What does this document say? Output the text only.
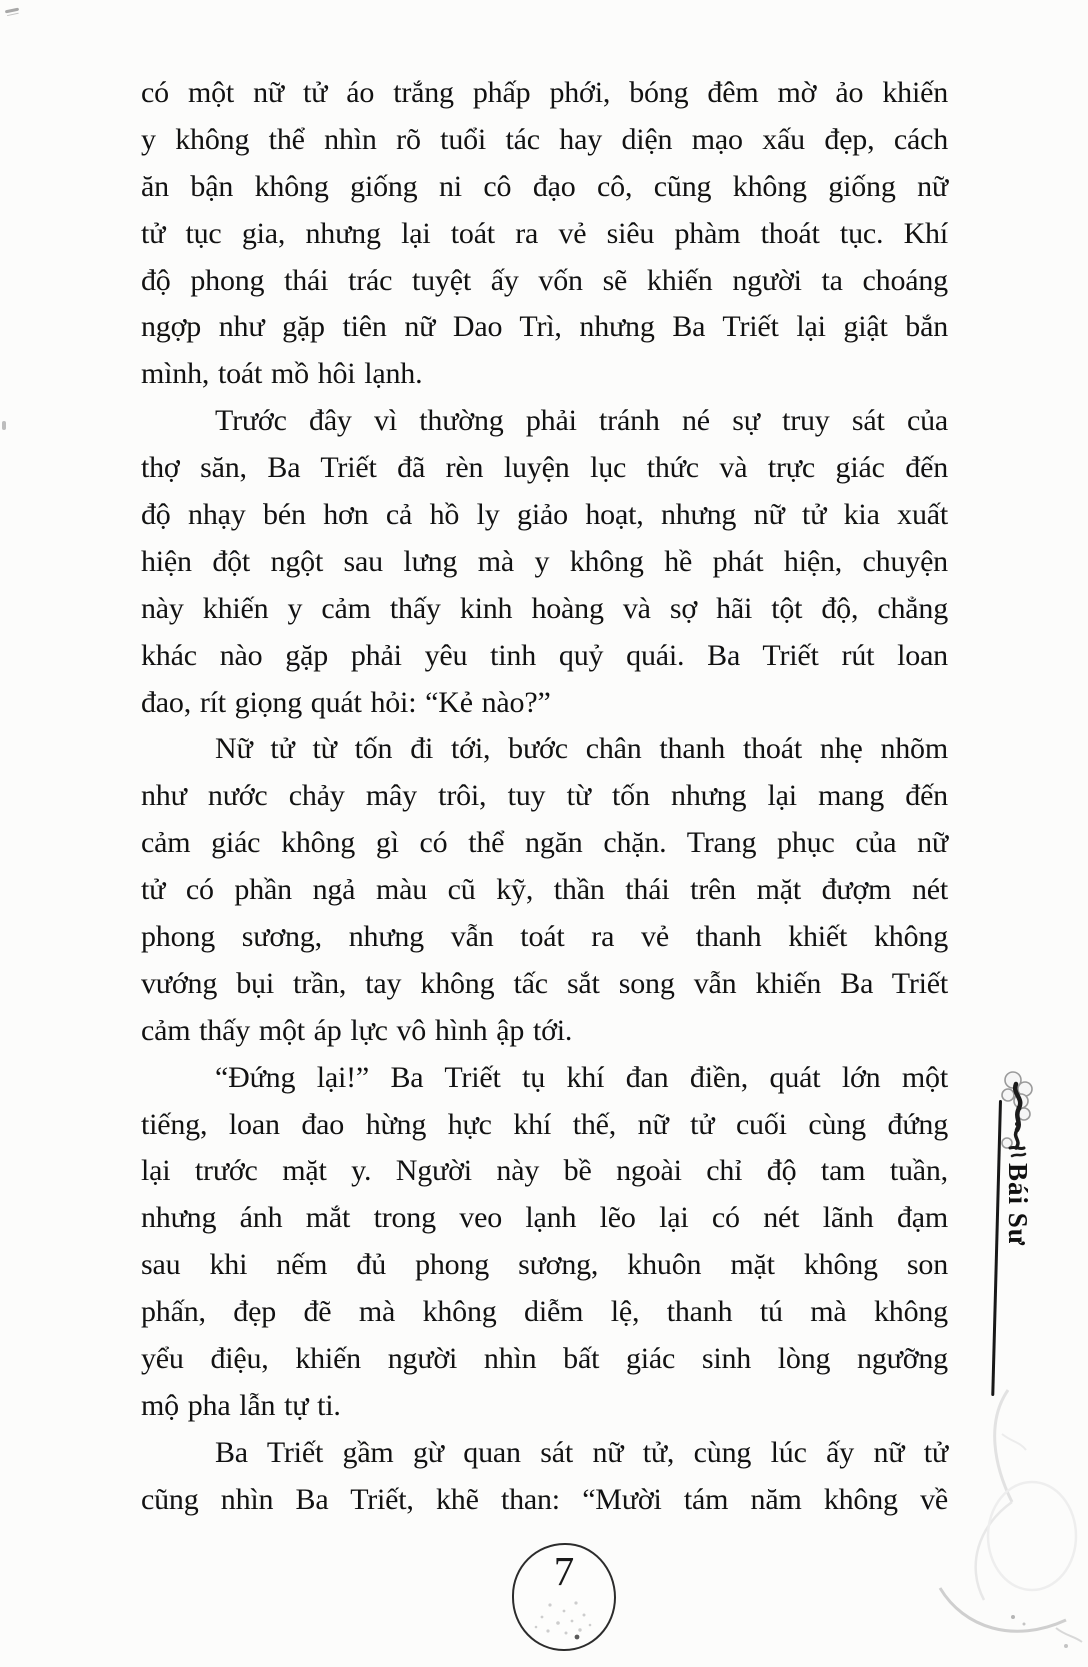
có một nữ tử áo trắng phấp phới, bóng đêm mờ ảo khiến
y không thể nhìn rõ tuổi tác hay diện mạo xấu đẹp, cách
ăn bận không giống ni cô đạo cô, cũng không giống nữ
tử tục gia, nhưng lại toát ra vẻ siêu phàm thoát tục. Khí
độ phong thái trác tuyệt ấy vốn sẽ khiến người ta choáng
ngợp như gặp tiên nữ Dao Trì, nhưng Ba Triết lại giật bắn
mình, toát mồ hôi lạnh.
Trước đây vì thường phải tránh né sự truy sát của
thợ săn, Ba Triết đã rèn luyện lục thức và trực giác đến
độ nhạy bén hơn cả hồ ly giảo hoạt, nhưng nữ tử kia xuất
hiện đột ngột sau lưng mà y không hề phát hiện, chuyện
này khiến y cảm thấy kinh hoàng và sợ hãi tột độ, chẳng
khác nào gặp phải yêu tinh quỷ quái. Ba Triết rút loan
đao, rít giọng quát hỏi: “Kẻ nào?”
Nữ tử từ tốn đi tới, bước chân thanh thoát nhẹ nhõm
như nước chảy mây trôi, tuy từ tốn nhưng lại mang đến
cảm giác không gì có thể ngăn chặn. Trang phục của nữ
tử có phần ngả màu cũ kỹ, thần thái trên mặt đượm nét
phong sương, nhưng vẫn toát ra vẻ thanh khiết không
vướng bụi trần, tay không tấc sắt song vẫn khiến Ba Triết
cảm thấy một áp lực vô hình ập tới.
“Đứng lại!” Ba Triết tụ khí đan điền, quát lớn một
tiếng, loan đao hừng hực khí thế, nữ tử cuối cùng đứng
lại trước mặt y. Người này bề ngoài chỉ độ tam tuần,
nhưng ánh mắt trong veo lạnh lẽo lại có nét lãnh đạm
sau khi nếm đủ phong sương, khuôn mặt không son
phấn, đẹp đẽ mà không diễm lệ, thanh tú mà không
yểu điệu, khiến người nhìn bất giác sinh lòng ngưỡng
mộ pha lẫn tự ti.
Ba Triết gầm gừ quan sát nữ tử, cùng lúc ấy nữ tử
cũng nhìn Ba Triết, khẽ than: “Mười tám năm không về
Bái Sư
7
